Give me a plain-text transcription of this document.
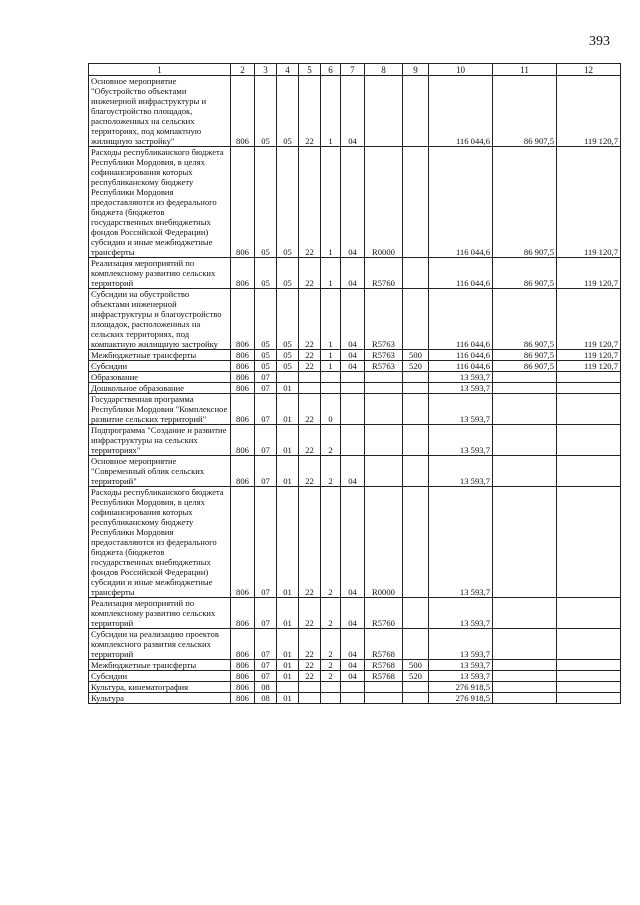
393
1	2	3	4	5	6	7	8	9	10	11	12
Основное мероприятие "Обустройство объектами инженерной инфраструктуры и благоустройство площадок, расположенных на сельских территориях, под компактную жилищную застройку"	806	05	05	22	1	04			116 044,6	86 907,5	119 120,7
Расходы республиканского бюджета Республики Мордовия, в целях софинансирования которых республиканскому бюджету Республики Мордовия предоставляются из федерального бюджета (бюджетов государственных внебюджетных фондов Российской Федерации) субсидии и иные межбюджетные трансферты	806	05	05	22	1	04	R0000		116 044,6	86 907,5	119 120,7
Реализация мероприятий по комплексному развитию сельских территорий	806	05	05	22	1	04	R5760		116 044,6	86 907,5	119 120,7
Субсидии на обустройство объектами инженерной инфраструктуры и благоустройство площадок, расположенных на сельских территориях, под компактную жилищную застройку	806	05	05	22	1	04	R5763		116 044,6	86 907,5	119 120,7
Межбюджетные трансферты	806	05	05	22	1	04	R5763	500	116 044,6	86 907,5	119 120,7
Субсидии	806	05	05	22	1	04	R5763	520	116 044,6	86 907,5	119 120,7
Образование	806	07							13 593,7		
Дошкольное образование	806	07	01						13 593,7		
Государственная программа Республики Мордовия "Комплексное развитие сельских территорий"	806	07	01	22	0				13 593,7		
Подпрограмма "Создание и развитие инфраструктуры на сельских территориях"	806	07	01	22	2				13 593,7		
Основное мероприятие "Современный облик сельских территорий"	806	07	01	22	2	04			13 593,7		
Расходы республиканского бюджета Республики Мордовия, в целях софинансирования которых республиканскому бюджету Республики Мордовия предоставляются из федерального бюджета (бюджетов государственных внебюджетных фондов Российской Федерации) субсидии и иные межбюджетные трансферты	806	07	01	22	2	04	R0000		13 593,7		
Реализация мероприятий по комплексному развитию сельских территорий	806	07	01	22	2	04	R5760		13 593,7		
Субсидии на реализацию проектов комплексного развития сельских территорий	806	07	01	22	2	04	R5768		13 593,7		
Межбюджетные трансферты	806	07	01	22	2	04	R5768	500	13 593,7		
Субсидии	806	07	01	22	2	04	R5768	520	13 593,7		
Культура, кинематография	806	08							276 918,5		
Культура	806	08	01						276 918,5		
